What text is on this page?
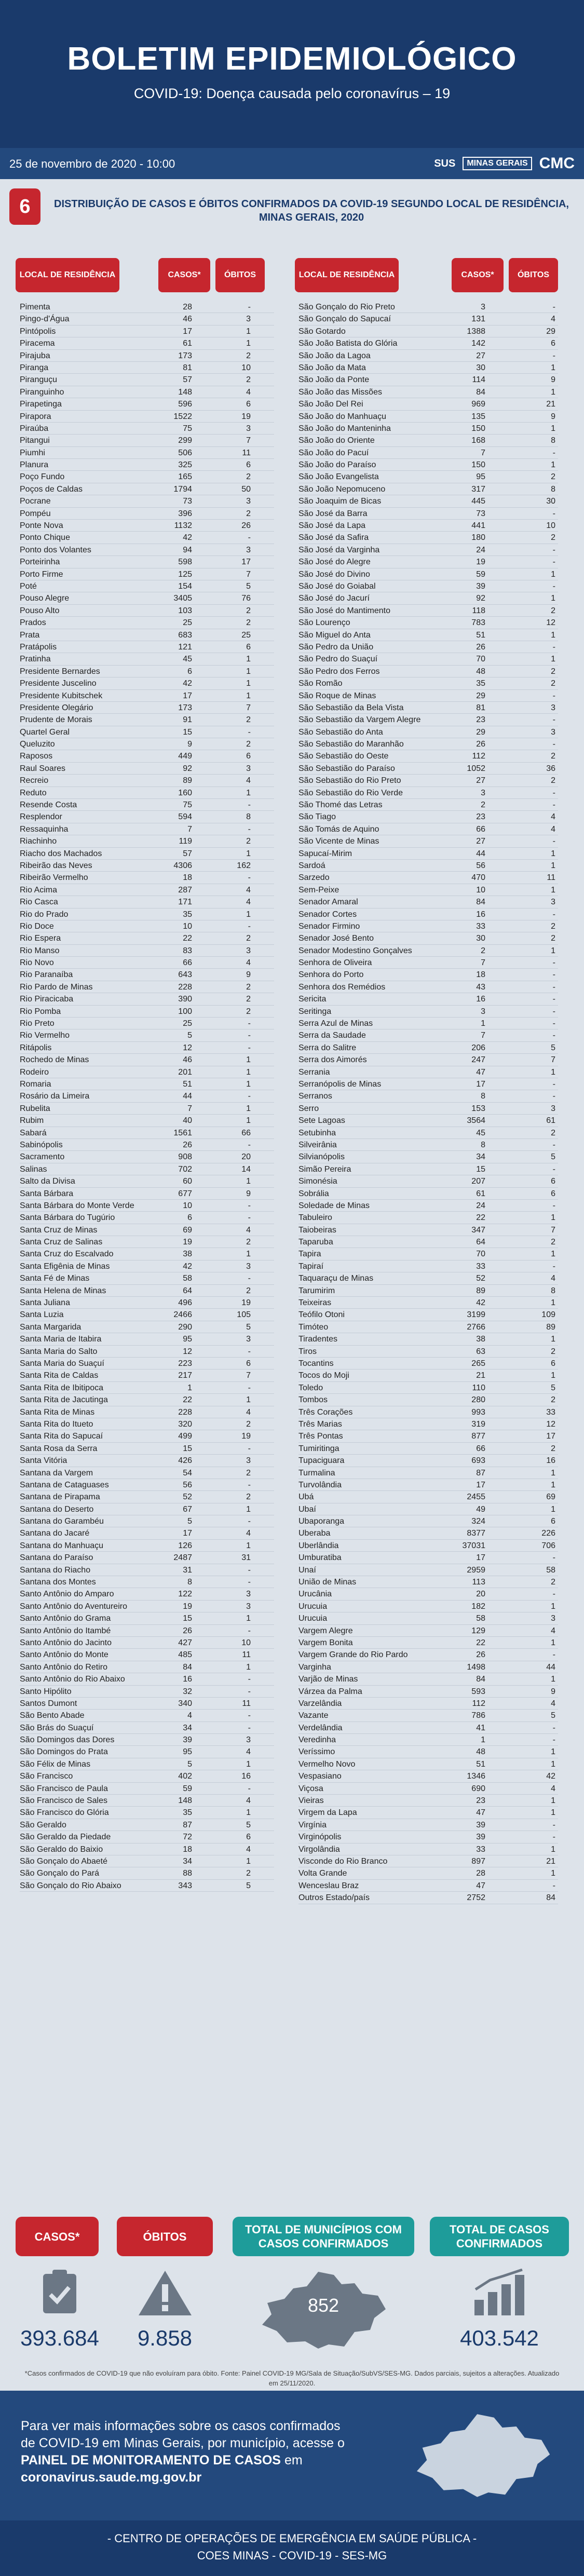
BOLETIM EPIDEMIOLÓGICO
COVID-19: Doença causada pelo coronavírus – 19
25 de novembro de 2020 - 10:00	SUS	MINAS GERAIS CMC
6	DISTRIBUIÇÃO DE CASOS E ÓBITOS CONFIRMADOS DA COVID-19 SEGUNDO LOCAL DE RESIDÊNCIA, MINAS GERAIS, 2020
LOCAL DE RESIDÊNCIA	CASOS*	ÓBITOS	LOCAL DE RESIDÊNCIA	CASOS*	ÓBITOS
Pimenta	28	-
Pingo-d'Água	46	3
Pintópolis	17	1
Piracema	61	1
Pirajuba	173	2
Piranga	81	10
Piranguçu	57	2
Piranguinho	148	4
Pirapetinga	596	6
Pirapora	1522	19
Piraúba	75	3
Pitangui	299	7
Piumhi	506	11
Planura	325	6
Poço Fundo	165	2
Poços de Caldas	1794	50
Pocrane	73	3
Pompéu	396	2
Ponte Nova	1132	26
Ponto Chique	42	-
Ponto dos Volantes	94	3
Porteirinha	598	17
Porto Firme	125	7
Poté	154	5
Pouso Alegre	3405	76
Pouso Alto	103	2
Prados	25	2
Prata	683	25
Pratápolis	121	6
Pratinha	45	1
Presidente Bernardes	6	1
Presidente Juscelino	42	1
Presidente Kubitschek	17	1
Presidente Olegário	173	7
Prudente de Morais	91	2
Quartel Geral	15	-
Queluzito	9	2
Raposos	449	6
Raul Soares	92	3
Recreio	89	4
Reduto	160	1
Resende Costa	75	-
Resplendor	594	8
Ressaquinha	7	-
Riachinho	119	2
Riacho dos Machados	57	1
Ribeirão das Neves	4306	162
Ribeirão Vermelho	18	-
Rio Acima	287	4
Rio Casca	171	4
Rio do Prado	35	1
Rio Doce	10	-
Rio Espera	22	2
Rio Manso	83	3
Rio Novo	66	4
Rio Paranaíba	643	9
Rio Pardo de Minas	228	2
Rio Piracicaba	390	2
Rio Pomba	100	2
Rio Preto	25	-
Rio Vermelho	5	-
Ritápolis	12	-
Rochedo de Minas	46	1
Rodeiro	201	1
Romaria	51	1
Rosário da Limeira	44	-
Rubelita	7	1
Rubim	40	1
Sabará	1561	66
Sabinópolis	26	-
Sacramento	908	20
Salinas	702	14
Salto da Divisa	60	1
Santa Bárbara	677	9
Santa Bárbara do Monte Verde	10	-
Santa Bárbara do Tugúrio	6	-
Santa Cruz de Minas	69	4
Santa Cruz de Salinas	19	2
Santa Cruz do Escalvado	38	1
Santa Efigênia de Minas	42	3
Santa Fé de Minas	58	-
Santa Helena de Minas	64	2
Santa Juliana	496	19
Santa Luzia	2466	105
Santa Margarida	290	5
Santa Maria de Itabira	95	3
Santa Maria do Salto	12	-
Santa Maria do Suaçuí	223	6
Santa Rita de Caldas	217	7
Santa Rita de Ibitipoca	1	-
Santa Rita de Jacutinga	22	1
Santa Rita de Minas	228	4
Santa Rita do Itueto	320	2
Santa Rita do Sapucaí	499	19
Santa Rosa da Serra	15	-
Santa Vitória	426	3
Santana da Vargem	54	2
Santana de Cataguases	56	-
Santana de Pirapama	52	2
Santana do Deserto	67	1
Santana do Garambéu	5	-
Santana do Jacaré	17	4
Santana do Manhuaçu	126	1
Santana do Paraíso	2487	31
Santana do Riacho	31	-
Santana dos Montes	8	-
Santo Antônio do Amparo	122	3
Santo Antônio do Aventureiro	19	3
Santo Antônio do Grama	15	1
Santo Antônio do Itambé	26	-
Santo Antônio do Jacinto	427	10
Santo Antônio do Monte	485	11
Santo Antônio do Retiro	84	1
Santo Antônio do Rio Abaixo	16	-
Santo Hipólito	32	-
Santos Dumont	340	11
São Bento Abade	4	-
São Brás do Suaçuí	34	-
São Domingos das Dores	39	3
São Domingos do Prata	95	4
São Félix de Minas	5	1
São Francisco	402	16
São Francisco de Paula	59	-
São Francisco de Sales	148	4
São Francisco do Glória	35	1
São Geraldo	87	5
São Geraldo da Piedade	72	6
São Geraldo do Baixio	18	4
São Gonçalo do Abaeté	34	1
São Gonçalo do Pará	88	2
São Gonçalo do Rio Abaixo	343	5
São Gonçalo do Rio Preto	3	-
São Gonçalo do Sapucaí	131	4
São Gotardo	1388	29
São João Batista do Glória	142	6
São João da Lagoa	27	-
São João da Mata	30	1
São João da Ponte	114	9
São João das Missões	84	1
São João Del Rei	969	21
São João do Manhuaçu	135	9
São João do Manteninha	150	1
São João do Oriente	168	8
São João do Pacuí	7	-
São João do Paraíso	150	1
São João Evangelista	95	2
São João Nepomuceno	317	8
São Joaquim de Bicas	445	30
São José da Barra	73	-
São José da Lapa	441	10
São José da Safira	180	2
São José da Varginha	24	-
São José do Alegre	19	-
São José do Divino	59	1
São José do Goiabal	39	-
São José do Jacurí	92	1
São José do Mantimento	118	2
São Lourenço	783	12
São Miguel do Anta	51	1
São Pedro da União	26	-
São Pedro do Suaçuí	70	1
São Pedro dos Ferros	48	2
São Romão	35	2
São Roque de Minas	29	-
São Sebastião da Bela Vista	81	3
São Sebastião da Vargem Alegre	23	-
São Sebastião do Anta	29	3
São Sebastião do Maranhão	26	-
São Sebastião do Oeste	112	2
São Sebastião do Paraíso	1052	36
São Sebastião do Rio Preto	27	2
São Sebastião do Rio Verde	3	-
São Thomé das Letras	2	-
São Tiago	23	4
São Tomás de Aquino	66	4
São Vicente de Minas	27	-
Sapucaí-Mirim	44	1
Sardoá	56	1
Sarzedo	470	11
Sem-Peixe	10	1
Senador Amaral	84	3
Senador Cortes	16	-
Senador Firmino	33	2
Senador José Bento	30	2
Senador Modestino Gonçalves	2	1
Senhora de Oliveira	7	-
Senhora do Porto	18	-
Senhora dos Remédios	43	-
Sericita	16	-
Seritinga	3	-
Serra Azul de Minas	1	-
Serra da Saudade	7	-
Serra do Salitre	206	5
Serra dos Aimorés	247	7
Serrania	47	1
Serranópolis de Minas	17	-
Serranos	8	-
Serro	153	3
Sete Lagoas	3564	61
Setubinha	45	2
Silveirânia	8	-
Silvianópolis	34	5
Simão Pereira	15	-
Simonésia	207	6
Sobrália	61	6
Soledade de Minas	24	-
Tabuleiro	22	1
Taiobeiras	347	7
Taparuba	64	2
Tapira	70	1
Tapiraí	33	-
Taquaraçu de Minas	52	4
Tarumirim	89	8
Teixeiras	42	1
Teófilo Otoni	3199	109
Timóteo	2766	89
Tiradentes	38	1
Tiros	63	2
Tocantins	265	6
Tocos do Moji	21	1
Toledo	110	5
Tombos	280	2
Três Corações	993	33
Três Marias	319	12
Três Pontas	877	17
Tumiritinga	66	2
Tupaciguara	693	16
Turmalina	87	1
Turvolândia	17	1
Ubá	2455	69
Ubaí	49	1
Ubaporanga	324	6
Uberaba	8377	226
Uberlândia	37031	706
Umburatiba	17	-
Unaí	2959	58
União de Minas	113	2
Urucânia	20	-
Urucuia	182	1
Urucuia	58	3
Vargem Alegre	129	4
Vargem Bonita	22	1
Vargem Grande do Rio Pardo	26	-
Varginha	1498	44
Varjão de Minas	84	1
Várzea da Palma	593	9
Varzelândia	112	4
Vazante	786	5
Verdelândia	41	-
Veredinha	1	-
Veríssimo	48	1
Vermelho Novo	51	1
Vespasiano	1346	42
Viçosa	690	4
Vieiras	23	1
Virgem da Lapa	47	1
Virgínia	39	-
Virginópolis	39	-
Virgolândia	33	1
Visconde do Rio Branco	897	21
Volta Grande	28	1
Wenceslau Braz	47	-
Outros Estado/país	2752	84
CASOS*	ÓBITOS
TOTAL DE MUNICÍPIOS COM CASOS CONFIRMADOS
TOTAL DE CASOS CONFIRMADOS
393.684	9.858
852
403.542
*Casos confirmados de COVID-19 que não evoluíram para óbito. Fonte: Painel COVID-19 MG/Sala de Situação/SubVS/SES-MG. Dados parciais, sujeitos a alterações. Atualizado em 25/11/2020.

Para ver mais informações sobre os casos confirmados de COVID-19 em Minas Gerais, por município, acesse o PAINEL DE MONITORAMENTO DE CASOS em coronavirus.saude.mg.gov.br

- CENTRO DE OPERAÇÕES DE EMERGÊNCIA EM SAÚDE PÚBLICA -
COES MINAS - COVID-19 - SES-MG
